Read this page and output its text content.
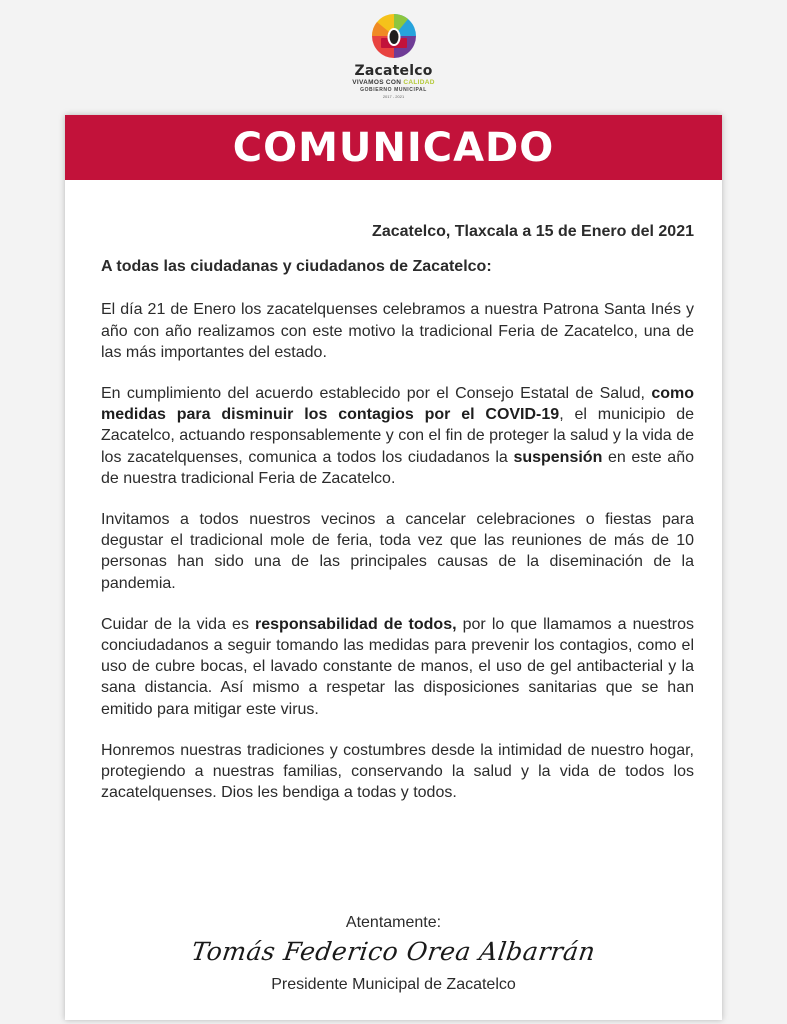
Zacatelco
VIVAMOS CON CALIDAD
GOBIERNO MUNICIPAL
2017 - 2021
COMUNICADO

Zacatelco, Tlaxcala a 15 de Enero del 2021

A todas las ciudadanas y ciudadanos de Zacatelco:

El día 21 de Enero los zacatelquenses celebramos a nuestra Patrona Santa Inés y año con año realizamos con este motivo la tradicional Feria de Zacatelco, una de las más importantes del estado.

En cumplimiento del acuerdo establecido por el Consejo Estatal de Salud, como medidas para disminuir los contagios por el COVID-19, el municipio de Zacatelco, actuando responsablemente y con el fin de proteger la salud y la vida de los zacatelquenses, comunica a todos los ciudadanos la suspensión en este año de nuestra tradicional Feria de Zacatelco.

Invitamos a todos nuestros vecinos a cancelar celebraciones o fiestas para degustar el tradicional mole de feria, toda vez que las reuniones de más de 10 personas han sido una de las principales causas de la diseminación de la pandemia.

Cuidar de la vida es responsabilidad de todos, por lo que llamamos a nuestros conciudadanos a seguir tomando las medidas para prevenir los contagios, como el uso de cubre bocas, el lavado constante de manos, el uso de gel antibacterial y la sana distancia. Así mismo a respetar las disposiciones sanitarias que se han emitido para mitigar este virus.

Honremos nuestras tradiciones y costumbres desde la intimidad de nuestro hogar, protegiendo a nuestras familias, conservando la salud y la vida de todos los zacatelquenses. Dios les bendiga a todas y todos.

Atentamente:
Tomás Federico Orea Albarrán
Presidente Municipal de Zacatelco
